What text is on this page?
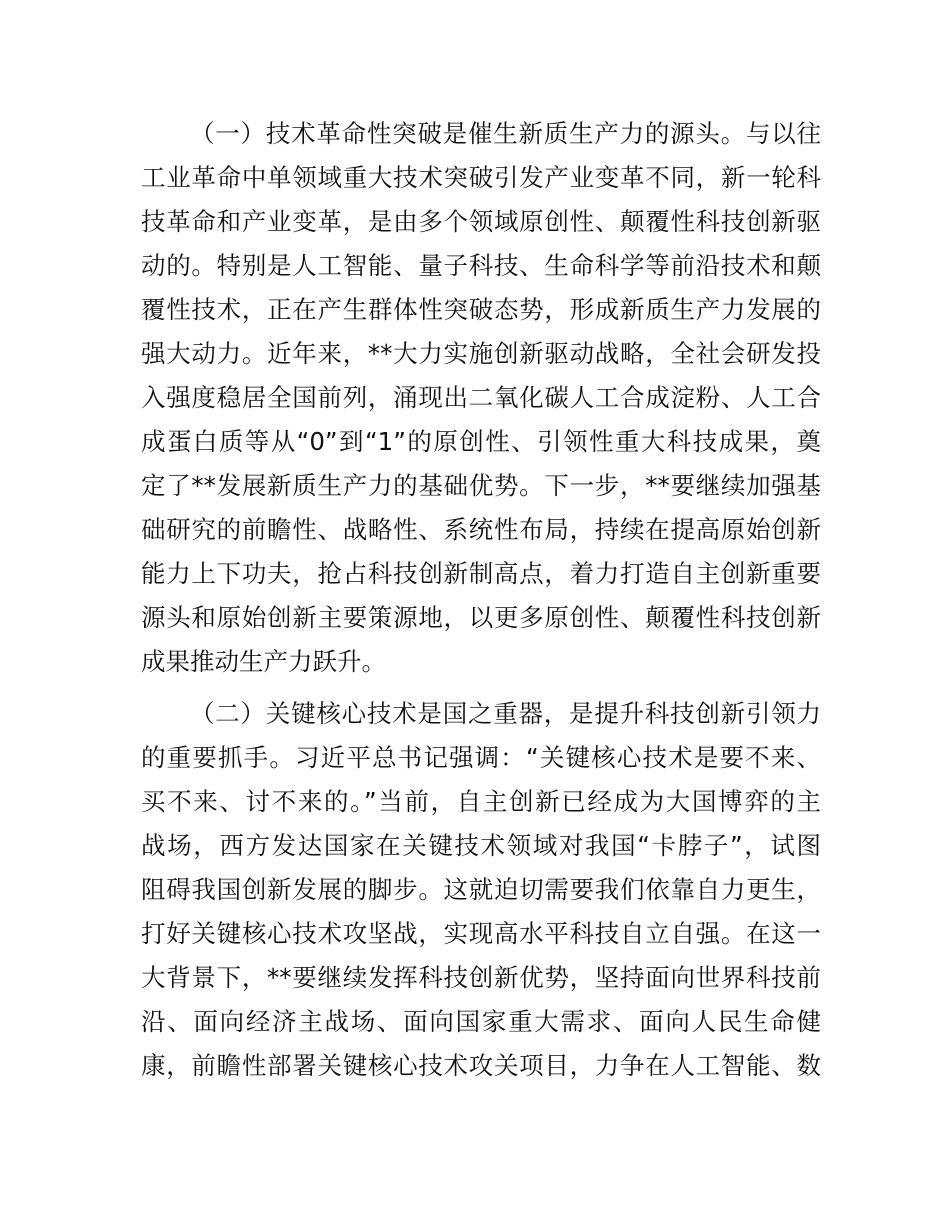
（一）技术革命性突破是催生新质生产力的源头。与以往
工业革命中单领域重大技术突破引发产业变革不同，新一轮科
技革命和产业变革，是由多个领域原创性、颠覆性科技创新驱
动的。特别是人工智能、量子科技、生命科学等前沿技术和颠
覆性技术，正在产生群体性突破态势，形成新质生产力发展的
强大动力。近年来，**大力实施创新驱动战略，全社会研发投
入强度稳居全国前列，涌现出二氧化碳人工合成淀粉、人工合
成蛋白质等从“0”到“1”的原创性、引领性重大科技成果，奠
定了**发展新质生产力的基础优势。下一步，**要继续加强基
础研究的前瞻性、战略性、系统性布局，持续在提高原始创新
能力上下功夫，抢占科技创新制高点，着力打造自主创新重要
源头和原始创新主要策源地，以更多原创性、颠覆性科技创新
成果推动生产力跃升。
（二）关键核心技术是国之重器，是提升科技创新引领力
的重要抓手。习近平总书记强调：“关键核心技术是要不来、
买不来、讨不来的。”当前，自主创新已经成为大国博弈的主
战场，西方发达国家在关键技术领域对我国“卡脖子”，试图
阻碍我国创新发展的脚步。这就迫切需要我们依靠自力更生，
打好关键核心技术攻坚战，实现高水平科技自立自强。在这一
大背景下，**要继续发挥科技创新优势，坚持面向世界科技前
沿、面向经济主战场、面向国家重大需求、面向人民生命健
康，前瞻性部署关键核心技术攻关项目，力争在人工智能、数
